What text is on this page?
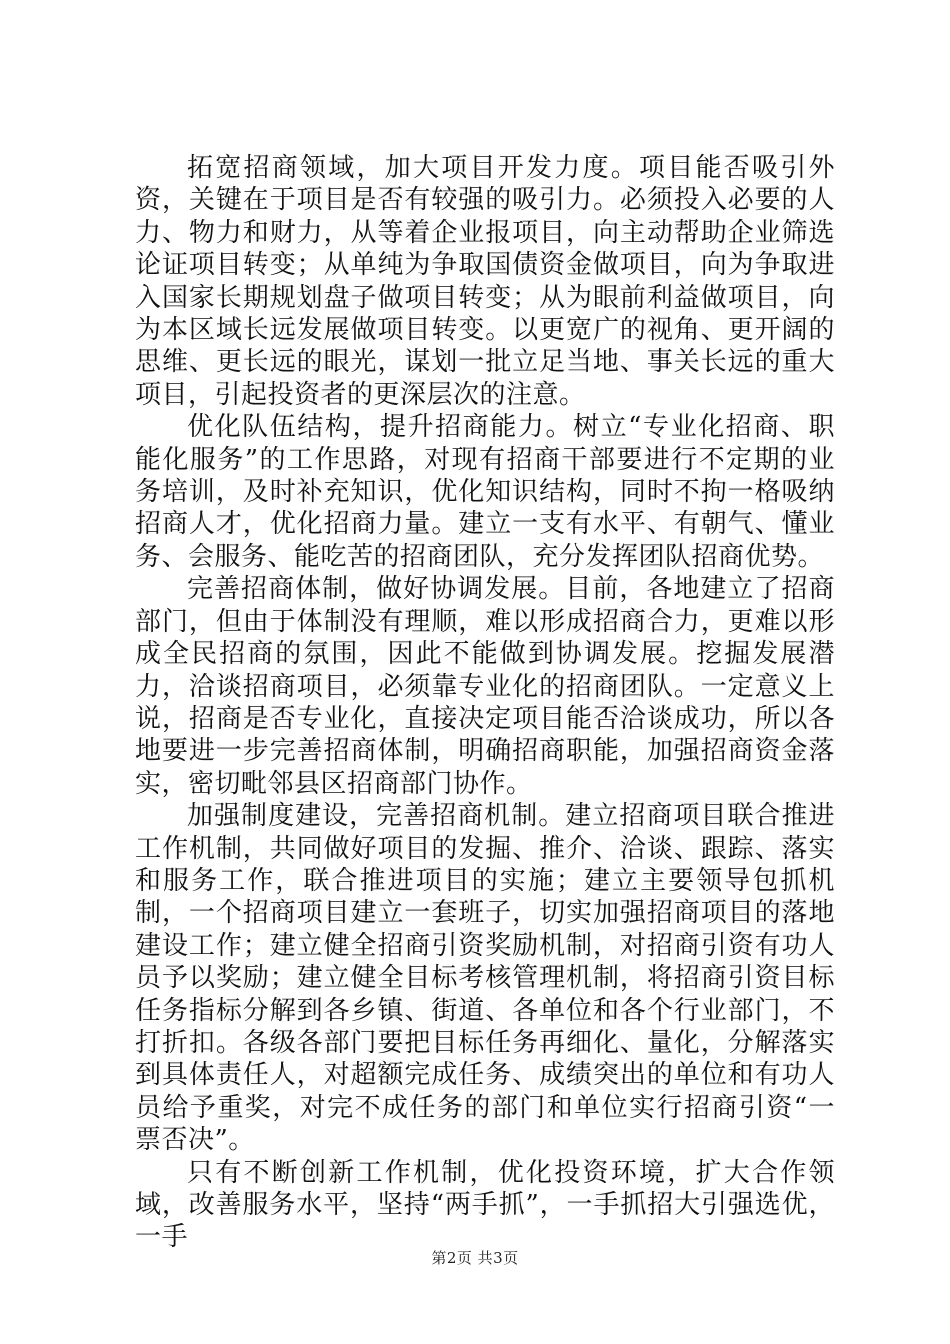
拓宽招商领域，加大项目开发力度。项目能否吸引外资，关键在于项目是否有较强的吸引力。必须投入必要的人力、物力和财力，从等着企业报项目，向主动帮助企业筛选论证项目转变；从单纯为争取国债资金做项目，向为争取进入国家长期规划盘子做项目转变；从为眼前利益做项目，向为本区域长远发展做项目转变。以更宽广的视角、更开阔的思维、更长远的眼光，谋划一批立足当地、事关长远的重大项目，引起投资者的更深层次的注意。

优化队伍结构，提升招商能力。树立“专业化招商、职能化服务”的工作思路，对现有招商干部要进行不定期的业务培训，及时补充知识，优化知识结构，同时不拘一格吸纳招商人才，优化招商力量。建立一支有水平、有朝气、懂业务、会服务、能吃苦的招商团队，充分发挥团队招商优势。

完善招商体制，做好协调发展。目前，各地建立了招商部门，但由于体制没有理顺，难以形成招商合力，更难以形成全民招商的氛围，因此不能做到协调发展。挖掘发展潜力，洽谈招商项目，必须靠专业化的招商团队。一定意义上说，招商是否专业化，直接决定项目能否洽谈成功，所以各地要进一步完善招商体制，明确招商职能，加强招商资金落实，密切毗邻县区招商部门协作。

加强制度建设，完善招商机制。建立招商项目联合推进工作机制，共同做好项目的发掘、推介、洽谈、跟踪、落实和服务工作，联合推进项目的实施；建立主要领导包抓机制，一个招商项目建立一套班子，切实加强招商项目的落地建设工作；建立健全招商引资奖励机制，对招商引资有功人员予以奖励；建立健全目标考核管理机制，将招商引资目标任务指标分解到各乡镇、街道、各单位和各个行业部门，不打折扣。各级各部门要把目标任务再细化、量化，分解落实到具体责任人，对超额完成任务、成绩突出的单位和有功人员给予重奖，对完不成任务的部门和单位实行招商引资“一票否决”。

只有不断创新工作机制，优化投资环境，扩大合作领域，改善服务水平，坚持“两手抓”，一手抓招大引强选优，一手

第2页 共3页
